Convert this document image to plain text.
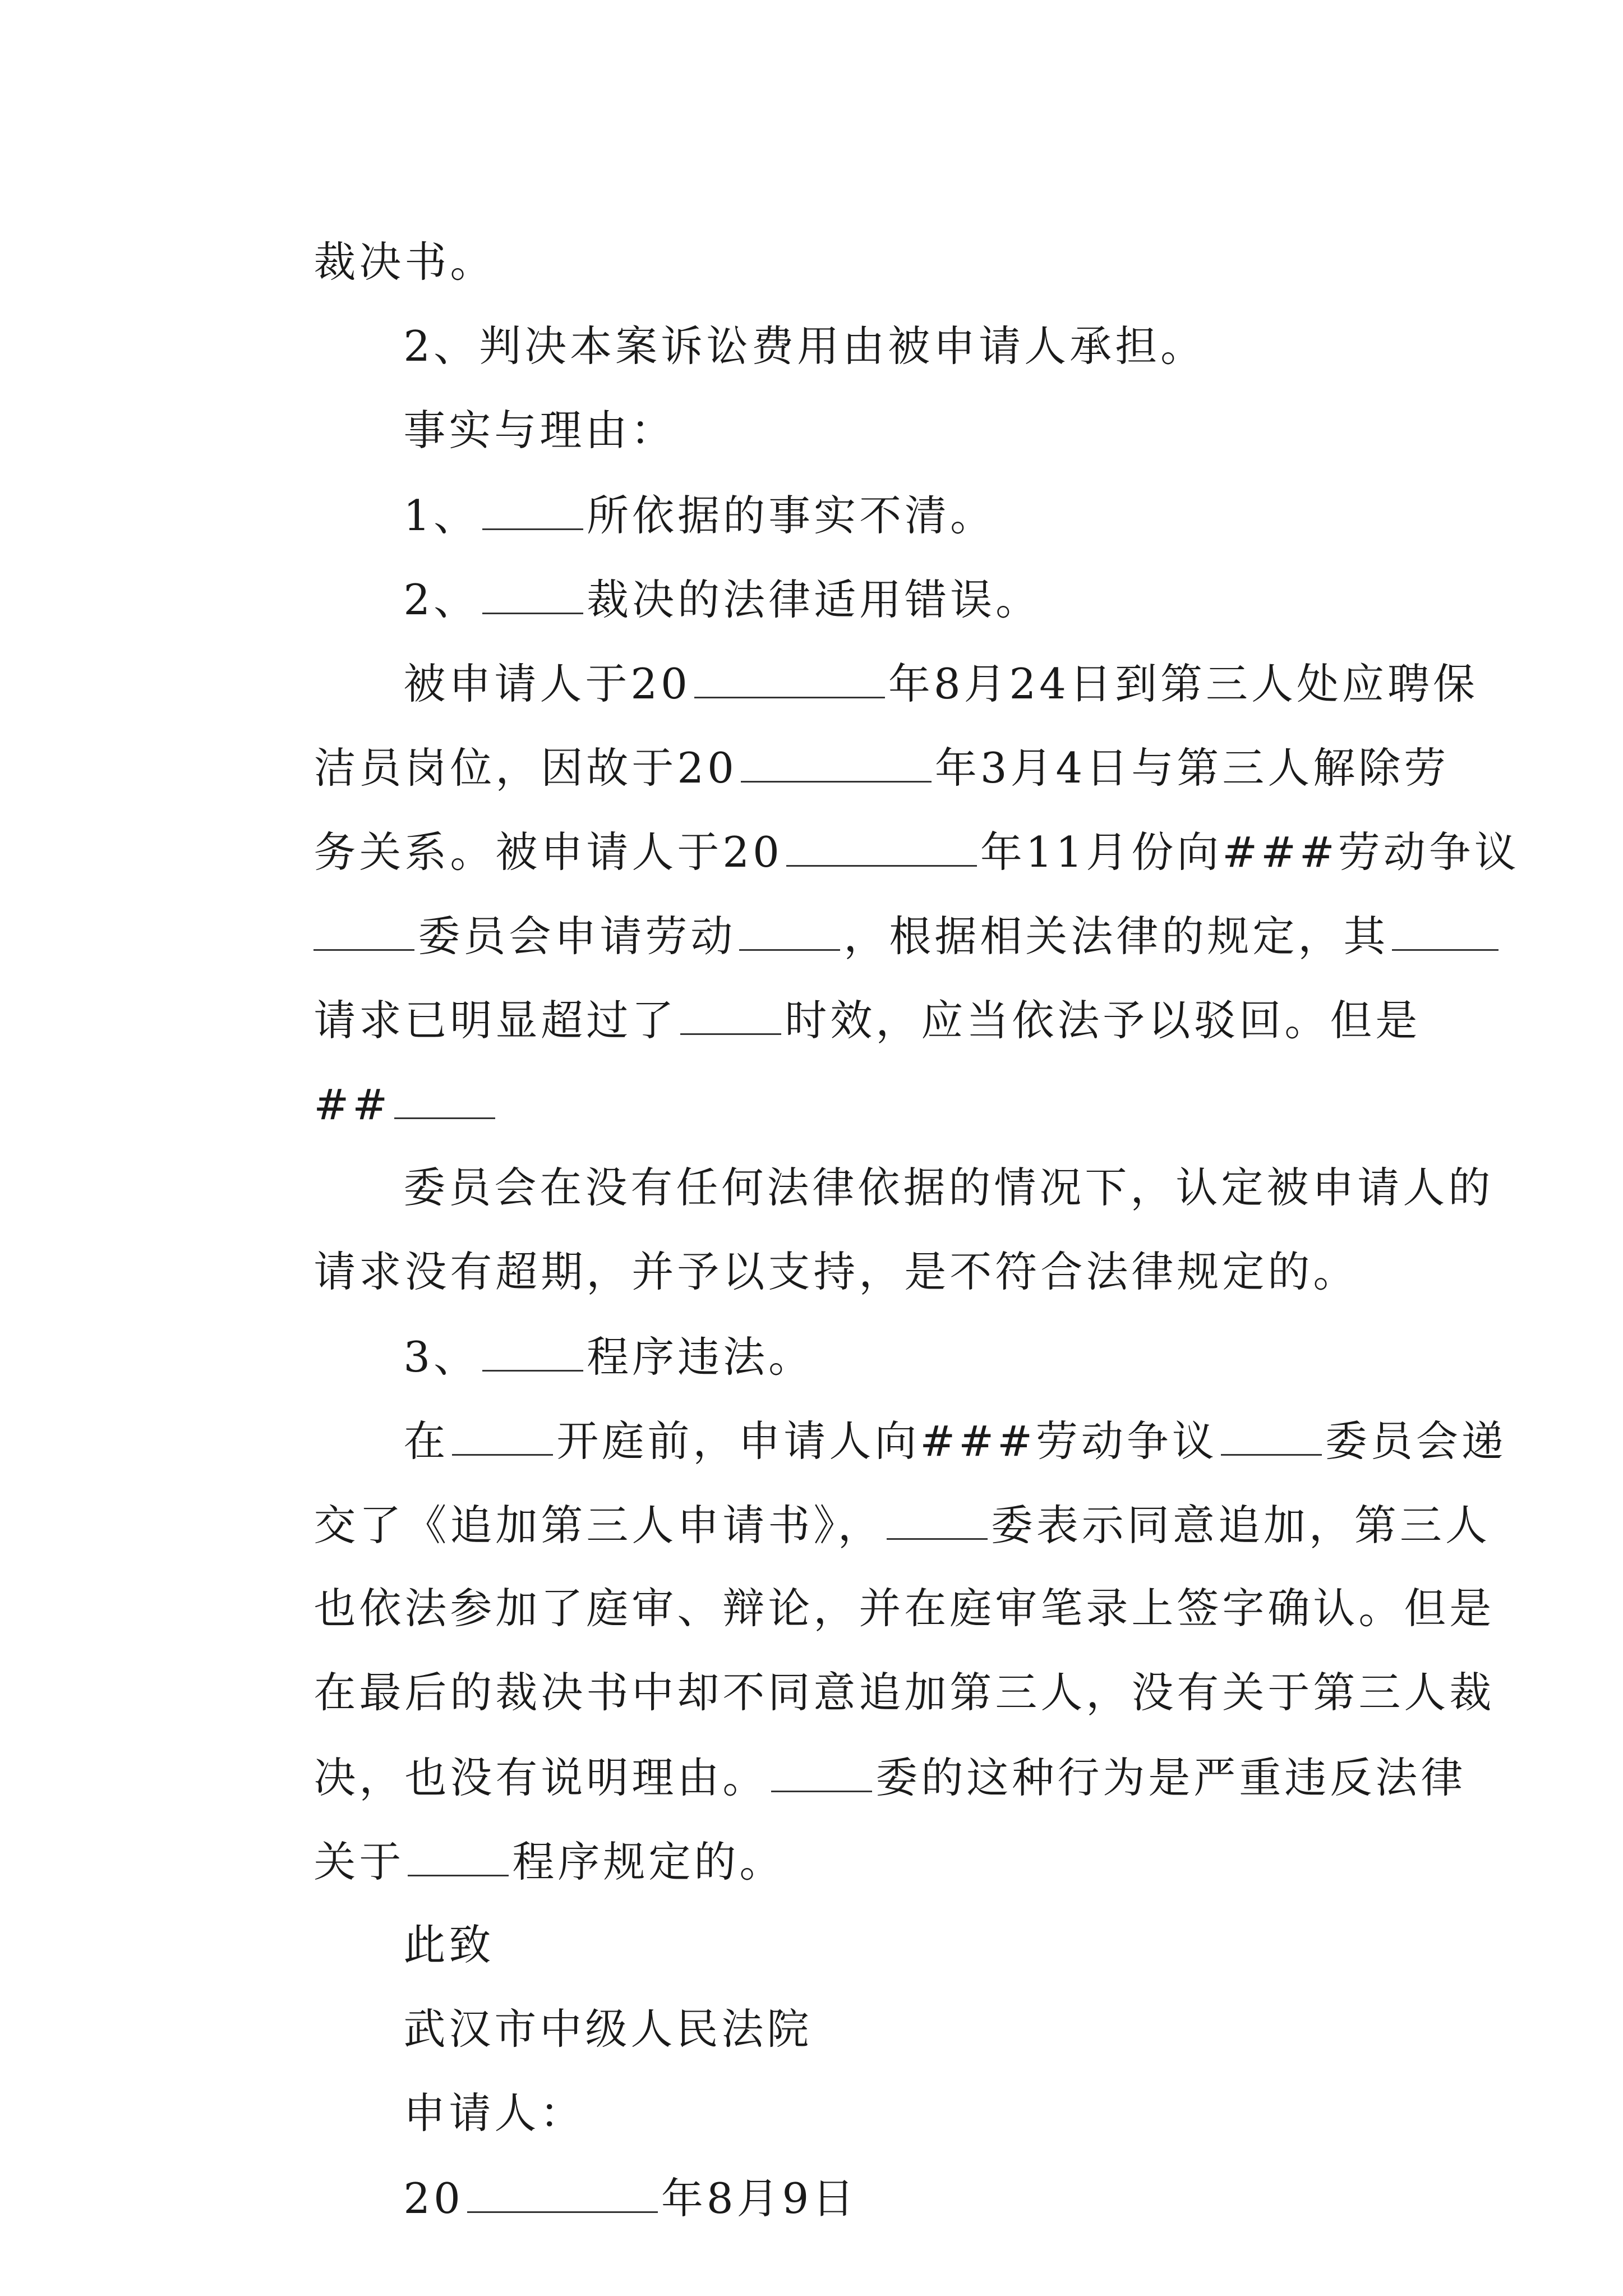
裁决书。

2、判决本案诉讼费用由被申请人承担。

事实与理由：

1、	所依据的事实不清。

2、	裁决的法律适用错误。

被申请人于20	年8月24日到第三人处应聘保

洁员岗位，因故于20	年3月4日与第三人解除劳

务关系。被申请人于20	年11月份向###劳动争议

委员会申请劳动	，根据相关法律的规定，其

请求已明显超过了	时效，应当依法予以驳回。但是

##

委员会在没有任何法律依据的情况下，认定被申请人的

请求没有超期，并予以支持，是不符合法律规定的。

3、	程序违法。

在	开庭前，申请人向###劳动争议	委员会递

交了《追加第三人申请书》，	委表示同意追加，第三人

也依法参加了庭审、辩论，并在庭审笔录上签字确认。但是

在最后的裁决书中却不同意追加第三人，没有关于第三人裁

决，也没有说明理由。	委的这种行为是严重违反法律

关于	程序规定的。

此致

武汉市中级人民法院

申请人：

20	年8月9日
